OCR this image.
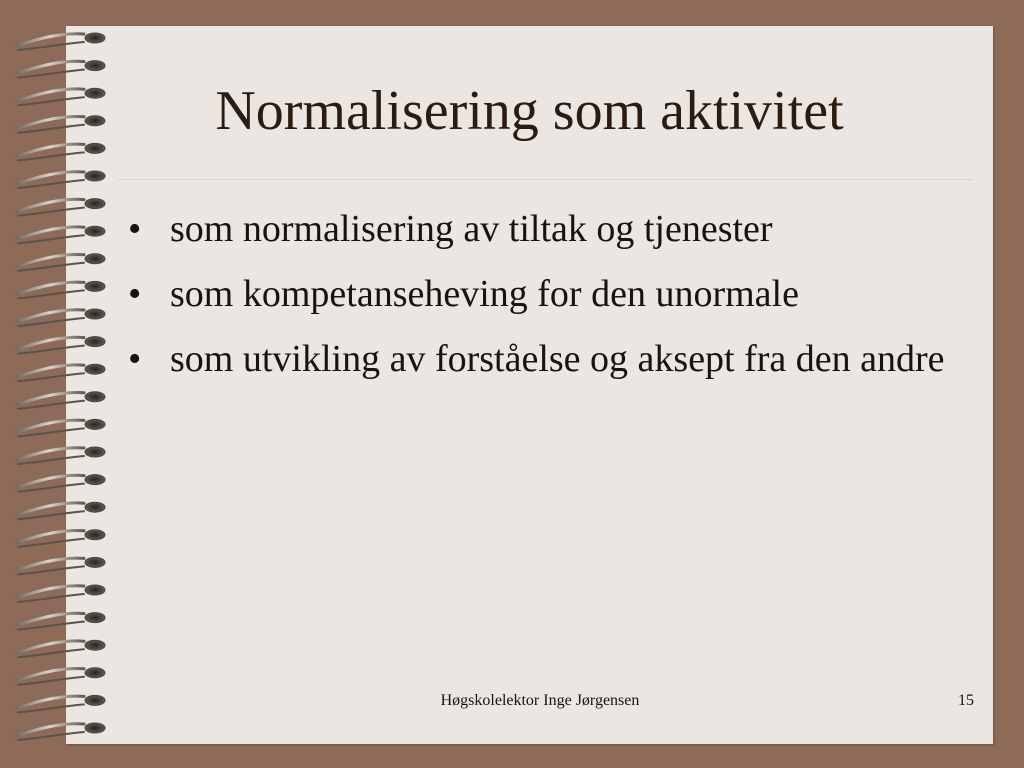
Normalisering som aktivitet
• som normalisering av tiltak og tjenester
• som kompetanseheving for den unormale
• som utvikling av forståelse og aksept fra den andre
Høgskolelektor Inge Jørgensen	15
